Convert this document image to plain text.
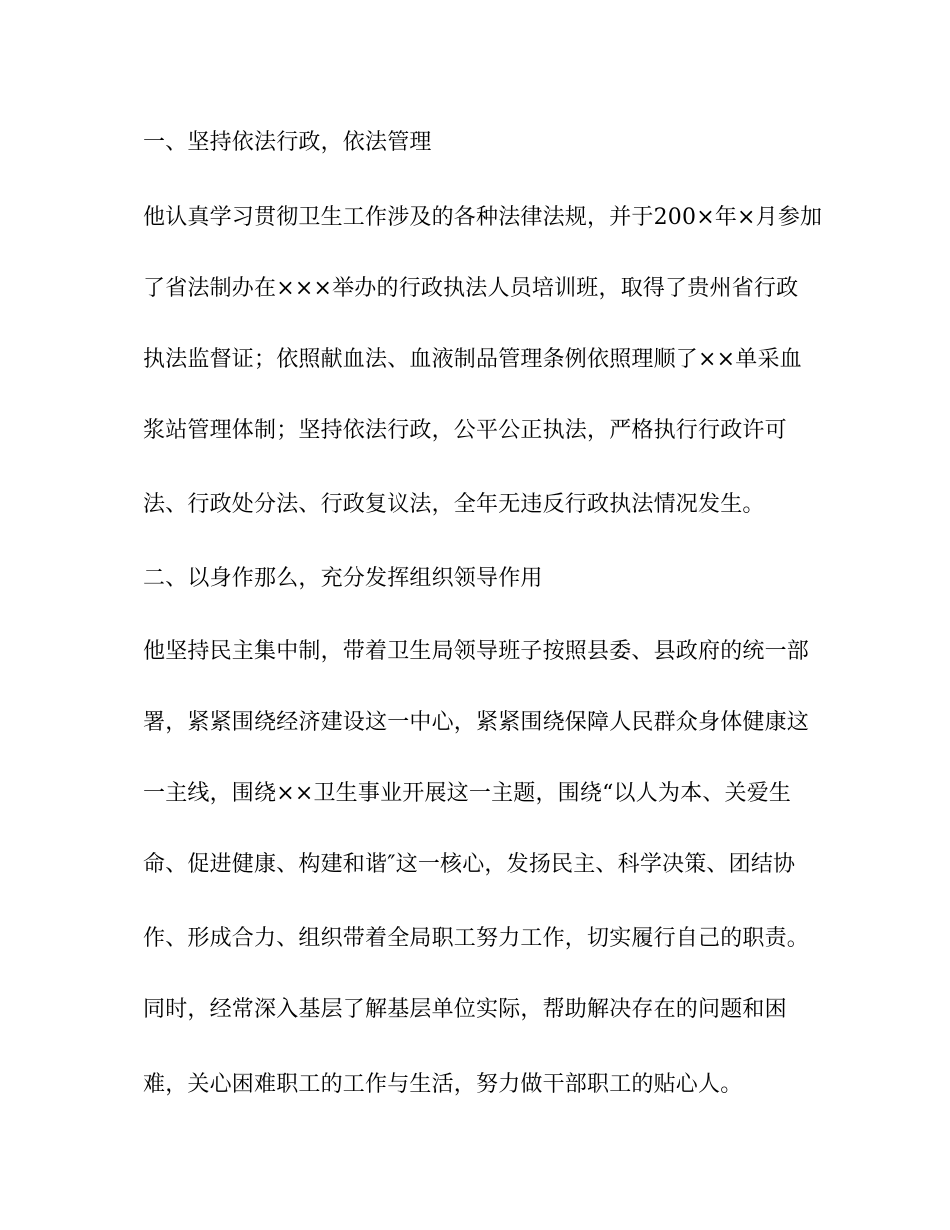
一、坚持依法行政，依法管理
他认真学习贯彻卫生工作涉及的各种法律法规，并于200×年×月参加
了省法制办在×××举办的行政执法人员培训班，取得了贵州省行政
执法监督证；依照献血法、血液制品管理条例依照理顺了××单采血
浆站管理体制；坚持依法行政，公平公正执法，严格执行行政许可
法、行政处分法、行政复议法，全年无违反行政执法情况发生。
二、以身作那么，充分发挥组织领导作用
他坚持民主集中制，带着卫生局领导班子按照县委、县政府的统一部
署，紧紧围绕经济建设这一中心，紧紧围绕保障人民群众身体健康这
一主线，围绕××卫生事业开展这一主题，围绕“以人为本、关爱生
命、促进健康、构建和谐″这一核心，发扬民主、科学决策、团结协
作、形成合力、组织带着全局职工努力工作，切实履行自己的职责。
同时，经常深入基层了解基层单位实际，帮助解决存在的问题和困
难，关心困难职工的工作与生活，努力做干部职工的贴心人。
